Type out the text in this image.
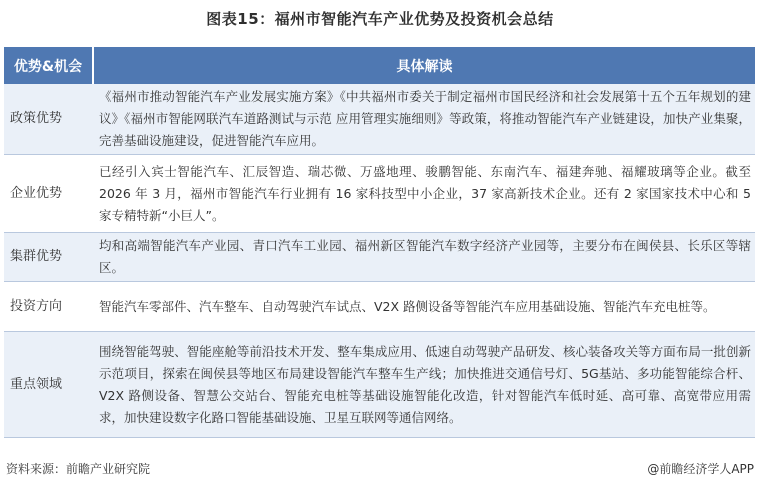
图表15：福州市智能汽车产业优势及投资机会总结
优势&机会	具体解读
政策优势	《福州市推动智能汽车产业发展实施方案》《中共福州市委关于制定福州市国民经济和社会发展第十五个五年规划的建议》《福州市智能网联汽车道路测试与示范 应用管理实施细则》等政策，将推动智能汽车产业链建设，加快产业集聚，完善基础设施建设，促进智能汽车应用。
企业优势	已经引入宾士智能汽车、汇辰智造、瑞芯微、万盛地理、骏鹏智能、东南汽车、福建奔驰、福耀玻璃等企业。截至 2026 年 3 月，福州市智能汽车行业拥有 16 家科技型中小企业，37 家高新技术企业。还有 2 家国家技术中心和 5 家专精特新“小巨人”。
集群优势	均和高端智能汽车产业园、青口汽车工业园、福州新区智能汽车数字经济产业园等，主要分布在闽侯县、长乐区等辖区。
投资方向	智能汽车零部件、汽车整车、自动驾驶汽车试点、V2X 路侧设备等智能汽车应用基础设施、智能汽车充电桩等。
重点领域	围绕智能驾驶、智能座舱等前沿技术开发、整车集成应用、低速自动驾驶产品研发、核心装备攻关等方面布局一批创新示范项目，探索在闽侯县等地区布局建设智能汽车整车生产线；加快推进交通信号灯、5G基站、多功能智能综合杆、V2X 路侧设备、智慧公交站台、智能充电桩等基础设施智能化改造，针对智能汽车低时延、高可靠、高宽带应用需求，加快建设数字化路口智能基础设施、卫星互联网等通信网络。
资料来源：前瞻产业研究院	@前瞻经济学人APP
